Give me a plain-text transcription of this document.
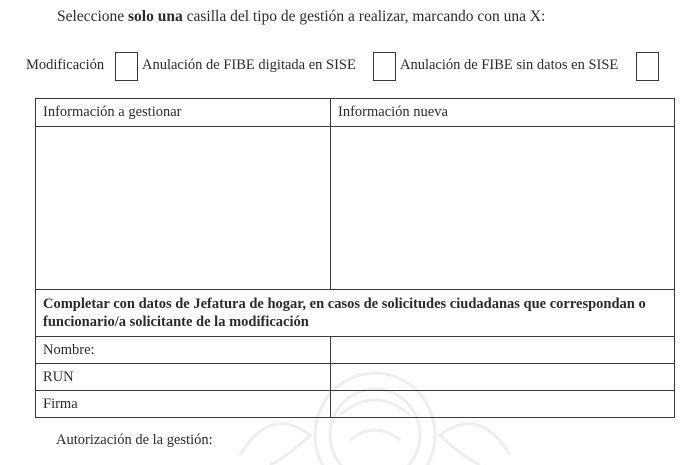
Seleccione solo una casilla del tipo de gestión a realizar, marcando con una X:
Modificación	Anulación de FIBE digitada en SISE	Anulación de FIBE sin datos en SISE
Información a gestionar	Información nueva

Completar con datos de Jefatura de hogar, en casos de solicitudes ciudadanas que correspondan o funcionario/a solicitante de la modificación	
Nombre:	
RUN	
Firma	
Autorización de la gestión:
